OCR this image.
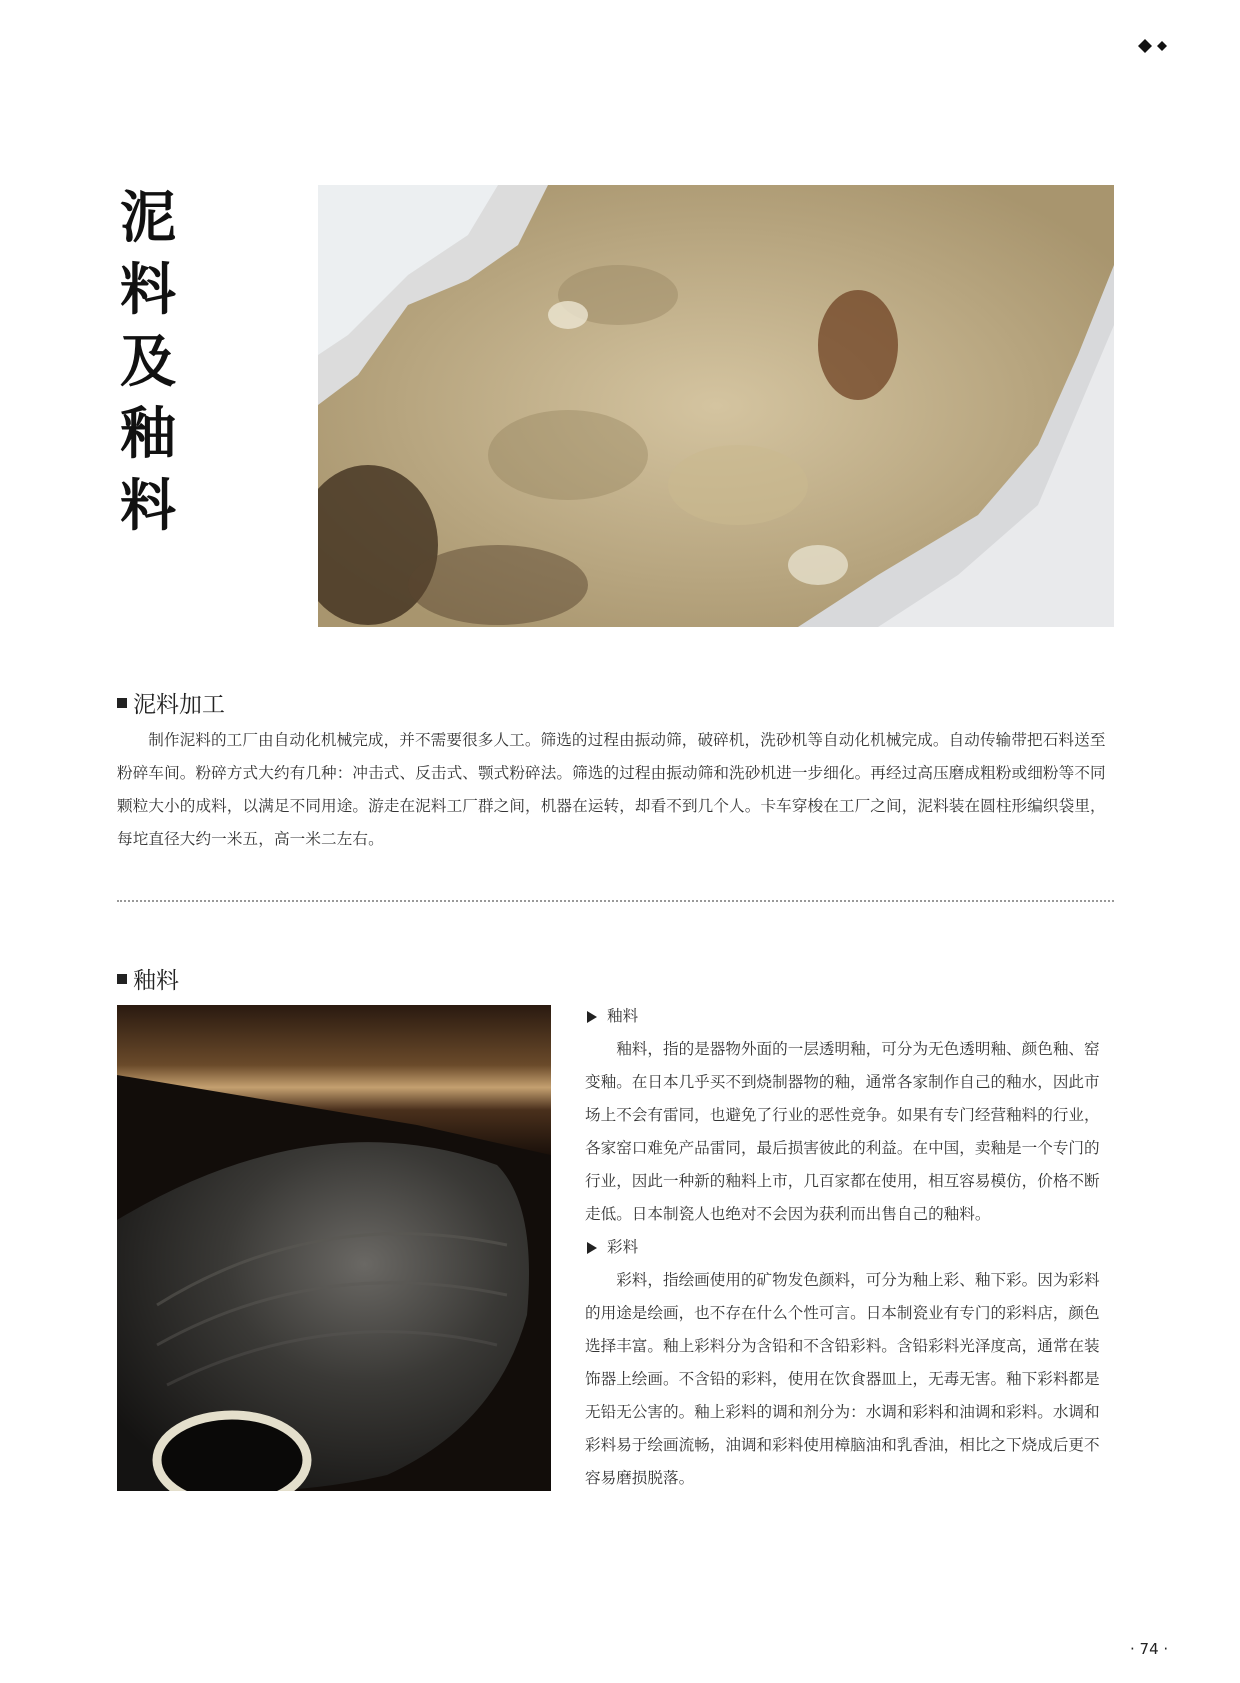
泥
料
及
釉
料
泥料加工

制作泥料的工厂由自动化机械完成，并不需要很多人工。筛选的过程由振动筛，破碎机，洗砂机等自动化机械完成。自动传输带把石料送至粉碎车间。粉碎方式大约有几种：冲击式、反击式、颚式粉碎法。筛选的过程由振动筛和洗砂机进一步细化。再经过高压磨成粗粉或细粉等不同颗粒大小的成料，以满足不同用途。游走在泥料工厂群之间，机器在运转，却看不到几个人。卡车穿梭在工厂之间，泥料装在圆柱形编织袋里，每坨直径大约一米五，高一米二左右。

釉料
釉料

釉料，指的是器物外面的一层透明釉，可分为无色透明釉、颜色釉、窑变釉。在日本几乎买不到烧制器物的釉，通常各家制作自己的釉水，因此市场上不会有雷同，也避免了行业的恶性竞争。如果有专门经营釉料的行业，各家窑口难免产品雷同，最后损害彼此的利益。在中国，卖釉是一个专门的行业，因此一种新的釉料上市，几百家都在使用，相互容易模仿，价格不断走低。日本制瓷人也绝对不会因为获利而出售自己的釉料。

彩料

彩料，指绘画使用的矿物发色颜料，可分为釉上彩、釉下彩。因为彩料的用途是绘画，也不存在什么个性可言。日本制瓷业有专门的彩料店，颜色选择丰富。釉上彩料分为含铅和不含铅彩料。含铅彩料光泽度高，通常在装饰器上绘画。不含铅的彩料，使用在饮食器皿上，无毒无害。釉下彩料都是无铅无公害的。釉上彩料的调和剂分为：水调和彩料和油调和彩料。水调和彩料易于绘画流畅，油调和彩料使用樟脑油和乳香油，相比之下烧成后更不容易磨损脱落。

· 74 ·
